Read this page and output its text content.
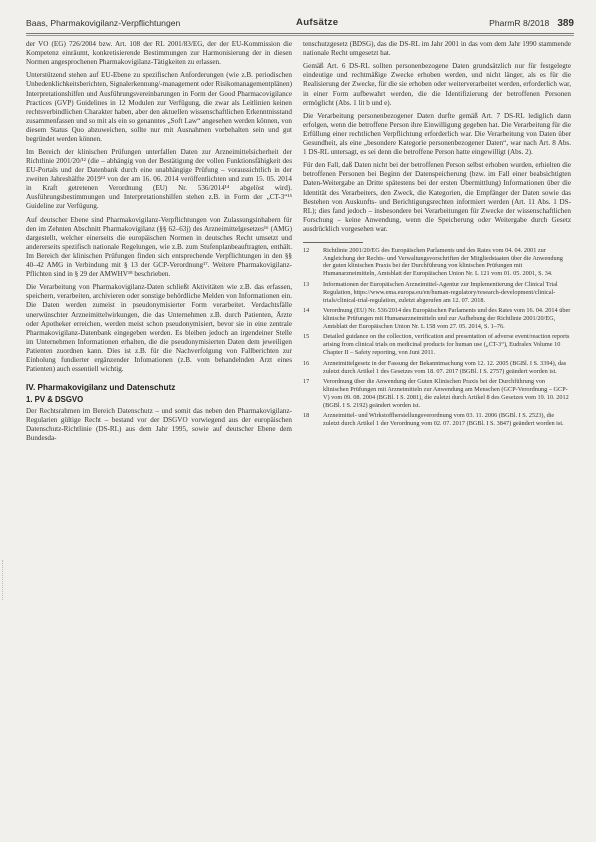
Baas, Pharmakovigilanz-Verpflichtungen	Aufsätze	PharmR 8/2018 389

der VO (EG) 726/2004 bzw. Art. 108 der RL 2001/83/EG, der der EU-Kommission die Kompetenz einräumt, konkretisierende Bestimmungen zur Harmonisierung der in diesen Normen angesprochenen Pharmakovigilanz-Tätigkeiten zu erlassen.

Unterstützend stehen auf EU-Ebene zu spezifischen Anforderungen (wie z.B. periodischen Unbedenklichkeitsberichten, Signalerkennung/-management oder Risikomanagementplänen) Interpretationshilfen und Ausführungsvereinbarungen in Form der Good Pharmacovigilance Practices (GVP) Guidelines in 12 Modulen zur Verfügung, die zwar als Leitlinien keinen rechtsverbindlichen Charakter haben, aber den aktuellen wissenschaftlichen Erkenntnisstand zusammenfassen und so mit als ein so genanntes „Soft Law“ angesehen werden können, von diesem Status Quo abzuweichen, sollte nur mit Ausnahmen vorbehalten sein und gut begründet werden können.

Im Bereich der klinischen Prüfungen unterfallen Daten zur Arzneimittelsicherheit der Richtlinie 2001/20/¹² (die – abhängig von der Bestätigung der vollen Funktionsfähigkeit des EU-Portals und der Datenbank durch eine unabhängige Prüfung – voraussichtlich in der zweiten Jahreshälfte 2019¹³ von der am 16. 06. 2014 veröffentlichten und zum 15. 05. 2014 in Kraft getretenen Verordnung (EU) Nr. 536/2014¹⁴ abgelöst wird). Ausführungsbestimmungen und Interpretationshilfen stehen z.B. in Form der „CT-3“¹⁵ Guideline zur Verfügung.

Auf deutscher Ebene sind Pharmakovigilanz-Verpflichtungen von Zulassungsinhabern für den im Zehnten Abschnitt Pharmakovigilanz (§§ 62–63j) des Arzneimittelgesetzes¹⁶ (AMG) dargestellt, welcher einerseits die europäischen Normen in deutsches Recht umsetzt und andererseits spezifisch nationale Regelungen, wie z.B. zum Stufenplanbeauftragten, enthält. Im Bereich der klinischen Prüfungen finden sich entsprechende Verpflichtungen in den §§ 40–42 AMG in Verbindung mit § 13 der GCP-Verordnung¹⁷. Weitere Pharmakovigilanz-Pflichten sind in § 29 der AMWHV¹⁸ beschrieben.

Die Verarbeitung von Pharmakovigilanz-Daten schließt Aktivitäten wie z.B. das erfassen, speichern, verarbeiten, archivieren oder sonstige behördliche Melden von Informationen ein. Die Daten werden zumeist in pseudonymisierter Form verarbeitet. Verdachtsfälle unerwünschter Arzneimittelwirkungen, die das Unternehmen z.B. durch Patienten, Ärzte oder Apotheker erreichen, werden meist schon pseudonymisiert, bevor sie in eine zentrale Pharmakovigilanz-Datenbank eingegeben werden. Es bleiben jedoch an irgendeiner Stelle im Unternehmen Informationen erhalten, die die pseudonymisierten Daten dem jeweiligen Patienten zuordnen kann. Dies ist z.B. für die Nachverfolgung von Fallberichten zur Einholung fundierter ergänzender Infomationen (z.B. vom behandelnden Arzt eines Patienten) auch essentiell wichtig.

IV. Pharmakovigilanz und Datenschutz
1. PV & DSGVO

Der Rechtsrahmen im Bereich Datenschutz – und somit das neben den Pharmakovigilanz-Regularien gültige Recht – bestand vor der DSGVO vorwiegend aus der europäischen Datenschutz-Richtlinie (DS-RL) aus dem Jahr 1995, sowie auf deutscher Ebene dem Bundesda-

tenschutzgesetz (BDSG), das die DS-RL im Jahr 2001 in das vom dem Jahr 1990 stammende nationale Recht umgesetzt hat.

Gemäß Art. 6 DS-RL sollten personenbezogene Daten grundsätzlich nur für festgelegte eindeutige und rechtmäßige Zwecke erhoben werden, und nicht länger, als es für die Realisierung der Zwecke, für die sie erhoben oder weiterverarbeitet werden, erforderlich war, in einer Form aufbewahrt werden, die die Identifizierung der betroffenen Personen ermöglicht (Abs. 1 lit b und e).

Die Verarbeitung personenbezogener Daten durfte gemäß Art. 7 DS-RL lediglich dann erfolgen, wenn die betroffene Person ihre Einwilligung gegeben hat. Die Verarbeitung für die Erfüllung einer rechtlichen Verpflichtung erforderlich war. Die Verarbeitung von Daten über Gesundheit, als eine „besondere Kategorie personenbezogener Daten“, war nach Art. 8 Abs. 1 DS-RL untersagt, es sei denn die betroffene Person hatte eingewilligt (Abs. 2).

Für den Fall, daß Daten nicht bei der betroffenen Person selbst erhoben wurden, erhielten die betroffenen Personen bei Beginn der Datenspeicherung (bzw. im Fall einer beabsichtigten Daten-Weitergabe an Dritte spätestens bei der ersten Übermittlung) Informationen über die Identität des Verarbeiters, den Zweck, die Kategorien, die Empfänger der Daten sowie das Bestehen von Auskunfts- und Berichtigungsrechten informiert werden (Art. 11 Abs. 1 DS-RL); dies fand jedoch – insbesondere bei Verarbeitungen für Zwecke der wissenschaftlichen Forschung – keine Anwendung, wenn die Speicherung oder Weitergabe durch Gesetz ausdrücklich vorgesehen war.

12	Richtlinie 2001/20/EG des Europäischen Parlaments und des Rates vom 04. 04. 2001 zur Angleichung der Rechts- und Verwaltungsvorschriften der Mitgliedstaaten über die Anwendung der guten klinischen Praxis bei der Durchführung von klinischen Prüfungen mit Humanarzneimitteln, Amtsblatt der Europäischen Union Nr. L 121 vom 01. 05. 2001, S. 34.
13	Informationen der Europäischen Arzneimittel-Agentur zur Implementierung der Clinical Trial Regulation, https://www.ema.europa.eu/en/human-regulatory/research-development/clinical-trials/clinical-trial-regulation, zuletzt abgerufen am 12. 07. 2018.
14	Verordnung (EU) Nr. 536/2014 des Europäischen Parlaments und des Rates vom 16. 04. 2014 über klinische Prüfungen mit Humanarzneimitteln und zur Aufhebung der Richtlinie 2001/20/EG, Amtsblatt der Europäischen Union Nr. L 158 vom 27. 05. 2014, S. 1–76.
15	Detailed guidance on the collection, verification and presentation of adverse event/reaction reports arising from clinical trials on medicinal products for human use („CT-3“), Eudralex Volume 10 Chapter II – Safety reporting, von Juni 2011.
16	Arzneimittelgesetz in der Fassung der Bekanntmachung vom 12. 12. 2005 (BGBl. I S. 3394), das zuletzt durch Artikel 1 des Gesetzes vom 18. 07. 2017 (BGBl. I S. 2757) geändert worden ist.
17	Verordnung über die Anwendung der Guten Klinischen Praxis bei der Durchführung von klinischen Prüfungen mit Arzneimitteln zur Anwendung am Menschen (GCP-Verordnung – GCP-V) vom 09. 08. 2004 (BGBl. I S. 2081), die zuletzt durch Artikel 8 des Gesetzes vom 19. 10. 2012 (BGBl. I S. 2192) geändert worden ist.
18	Arzneimittel- und Wirkstoffherstellungsverordnung vom 03. 11. 2006 (BGBl. I S. 2523), die zuletzt durch Artikel 1 der Verordnung vom 02. 07. 2017 (BGBl. I S. 3847) geändert worden ist.
